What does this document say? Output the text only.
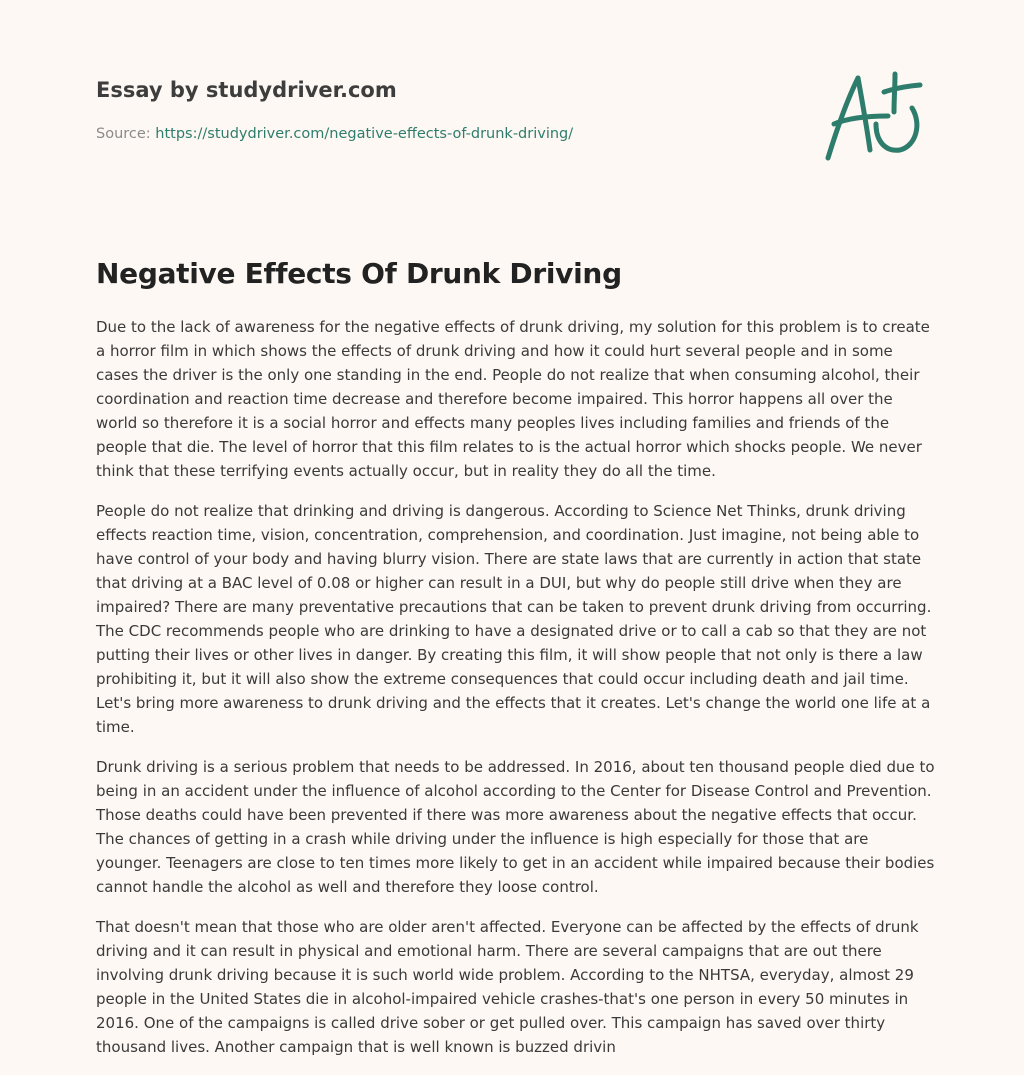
Essay by studydriver.com
Source: https://studydriver.com/negative-effects-of-drunk-driving/
Negative Effects Of Drunk Driving

Due to the lack of awareness for the negative effects of drunk driving, my solution for this problem is to create a horror film in which shows the effects of drunk driving and how it could hurt several people and in some cases the driver is the only one standing in the end. People do not realize that when consuming alcohol, their coordination and reaction time decrease and therefore become impaired. This horror happens all over the world so therefore it is a social horror and effects many peoples lives including families and friends of the people that die. The level of horror that this film relates to is the actual horror which shocks people. We never think that these terrifying events actually occur, but in reality they do all the time.

People do not realize that drinking and driving is dangerous. According to Science Net Thinks, drunk driving effects reaction time, vision, concentration, comprehension, and coordination. Just imagine, not being able to have control of your body and having blurry vision. There are state laws that are currently in action that state that driving at a BAC level of 0.08 or higher can result in a DUI, but why do people still drive when they are impaired? There are many preventative precautions that can be taken to prevent drunk driving from occurring. The CDC recommends people who are drinking to have a designated drive or to call a cab so that they are not putting their lives or other lives in danger. By creating this film, it will show people that not only is there a law prohibiting it, but it will also show the extreme consequences that could occur including death and jail time. Let's bring more awareness to drunk driving and the effects that it creates. Let's change the world one life at a time.

Drunk driving is a serious problem that needs to be addressed. In 2016, about ten thousand people died due to being in an accident under the influence of alcohol according to the Center for Disease Control and Prevention. Those deaths could have been prevented if there was more awareness about the negative effects that occur. The chances of getting in a crash while driving under the influence is high especially for those that are younger. Teenagers are close to ten times more likely to get in an accident while impaired because their bodies cannot handle the alcohol as well and therefore they loose control.

That doesn't mean that those who are older aren't affected. Everyone can be affected by the effects of drunk driving and it can result in physical and emotional harm. There are several campaigns that are out there involving drunk driving because it is such world wide problem. According to the NHTSA, everyday, almost 29 people in the United States die in alcohol-impaired vehicle crashes-that's one person in every 50 minutes in 2016. One of the campaigns is called drive sober or get pulled over. This campaign has saved over thirty thousand lives. Another campaign that is well known is buzzed drivin
